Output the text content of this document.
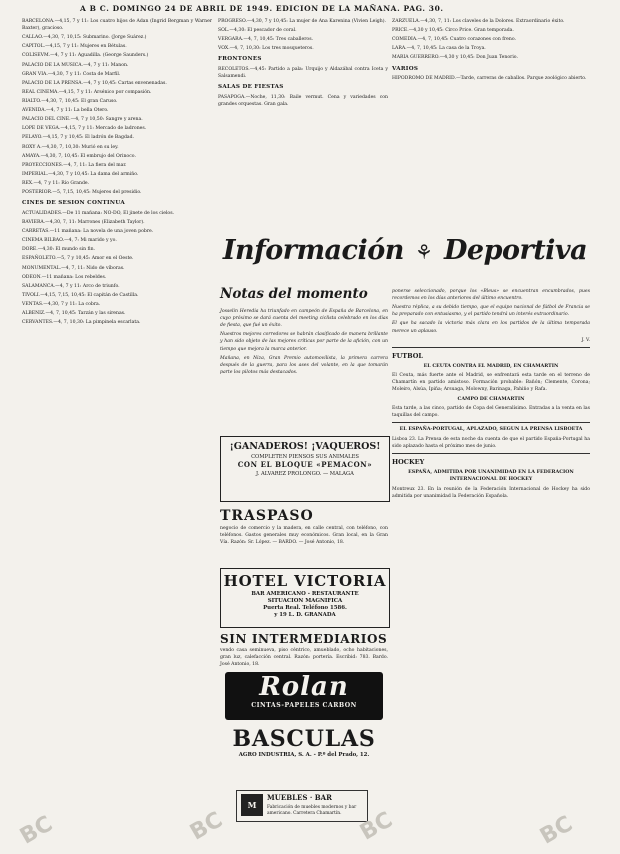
A B C. DOMINGO 24 DE ABRIL DE 1949. EDICION DE LA MAÑANA. PAG. 30.

BARCELONA.—4,15, 7 y 11: Los cuatro hijos de Adan (Ingrid Bergman y Warner Baxter), gracioso.

CALLAO.—4,30, 7, 10,15: Submarino. (Jorge Suárez.)

CAPITOL.—4,15, 7 y 11: Mujeres en Bétulas.

COLISEVM.—4, 7 y 11: Aguadilla. (George Saunders.)

PALACIO DE LA MUSICA.—4, 7 y 11: Manon.

GRAN VIA.—4,30, 7 y 11: Costa de Marfil.

PALACIO DE LA PRENSA.—4, 7 y 10,45: Cartas envenenadas.

REAL CINEMA.—4,15, 7 y 11: Arsénico por compasión.

RIALTO.—4,30, 7, 10,45: El gran Caruso.

AVENIDA.—4, 7 y 11: La bella Otero.

PALACIO DEL CINE.—4, 7 y 10,50: Sangre y arena.

LOPE DE VEGA.—4,15, 7 y 11: Mercado de ladrones.

PELAYO.—4,15, 7 y 10,45: El ladrón de Bagdad.

ROXY A.—4,30, 7, 10,30: Murió en su ley.

AMAYA.—4,30, 7, 10,45: El embrujo del Orinoco.

PROYECCIONES.—4, 7, 11: La fiera del mar.

IMPERIAL.—4,30, 7 y 10,45: La dama del armiño.

REX.—4, 7 y 11: Río Grande.

POSTERIOR.—5, 7,15, 10,45: Mujeres del presidio.

CINES DE SESION CONTINUA

ACTUALIDADES.—De 11 mañana: NO-DO, El jinete de los cielos.

BAVIERA.—4,30, 7, 11: Marrones (Elizabeth Taylor).

CARRETAS.—11 mañana: La novela de una joven pobre.

CINEMA BILBAO.—4, 7: Mi marido y yo.

DORE.—4,30: El mundo sin fin.

ESPAÑOLETO.—5, 7 y 10,45: Amor en el Oeste.

MONUMENTAL.—4, 7, 11: Nido de víboras.

ODEON.—11 mañana: Los rebeldes.

SALAMANCA.—4, 7 y 11: Arco de triunfo.

TIVOLI.—4,15, 7,15, 10,45: El capitán de Castilla.

VENTAS.—4,30, 7 y 11: La cobra.

ALBENIZ.—4, 7, 10,45: Tarzán y las sirenas.

CERVANTES.—4, 7, 10,30: La pimpinela escarlata.

PROGRESO.—4,30, 7 y 10,45: La mujer de Ana Karenina (Vivien Leigh).

SOL.—4,30: El pescador de coral.

VERGARA.—4, 7, 10,45: Tres caballeros.

VOX.—4, 7, 10,30: Los tres mosqueteros.

FRONTONES

RECOLETOS.—4,45: Partido a pala: Urquijo y Aldazábal contra Iceta y Salsamendi.

SALAS DE FIESTAS

PASAPOGA.—Noche, 11,30: Baile vermut. Cena y variedades con grandes orquestas. Gran gala.

ZARZUELA.—4,30, 7, 11: Los claveles de la Dolores. Extraordinario éxito.

PRICE.—4,30 y 10,45: Circo Price. Gran temporada.

COMEDIA.—4, 7, 10,45: Cuatro corazones con freno.

LARA.—4, 7, 10,45: La casa de la Troya.

MARIA GUERRERO.—4,30 y 10,45: Don Juan Tenorio.

VARIOS

HIPODROMO DE MADRID.—Tarde, carreras de caballos. Parque zoológico abierto.

Información ⚘ Deportiva
Notas del momento

Josselin Heredia ha triunfado en campeón de España de Barcelona, en cuyo próximo se dará cuenta del meeting ciclista celebrado en los días de fiesta, que fué un éxito.

Nuestros mejores corredores se habrán clasificado de manera brillante y han sido objeto de las mejores críticas por parte de la afición, con un tiempo que mejora la marca anterior.

Mañana, en Niza, Gran Premio automovilista, la primera carrera después de la guerra, para los ases del volante, en la que tomarán parte los pilotos más destacados.

¡GANADEROS! ¡VAQUEROS!
COMPLETEN PIENSOS SUS ANIMALES
CON EL BLOQUE «PEMACON»
J. ALVAREZ PROLONGO. — MALAGA
TRASPASO

negocio de comercio y la madera, en calle central, con teléfono, con teléfonos. Gastos generales muy económicos. Gran local, en la Gran Vía. Razón: Sr. López. — BARDO. — José Antonio, 18.

HOTEL VICTORIA
BAR AMERICANO - RESTAURANTE
SITUACION MAGNIFICA
Puerta Real. Teléfono 1586.
y 19 L. D. GRANADA
SIN INTERMEDIARIOS

vendo casa seminueva, piso céntrico, amueblado, ocho habitaciones, gran luz, calefacción central. Razón: portería. Escribid: 783. Bardo. José Antonio, 18.

Rolan
CINTAS-PAPELES CARBON
BASCULAS
AGRO INDUSTRIA, S. A. - P.º del Prado, 12.
M
MUEBLES · BAR
Fabricación de muebles modernos y bar americano. Carretera Chamartín.

ponerse seleccionado, porque los «Bleus» se encuentran encumbrados, pues recordemos en los días anteriores del último encuentro.

Nuestra réplica, a su debido tiempo, que el equipo nacional de fútbol de Francia se ha preparado con entusiasmo, y el partido tendrá un interés extraordinario.

El que ha sacado la victoria más clara en los partidos de la última temporada merece un aplauso.

J. V.

FUTBOL
EL CEUTA CONTRA EL MADRID, EN CHAMARTIN

El Ceuta, más fuerte ante el Madrid, se enfrentará esta tarde en el terreno de Chamartín en partido amistoso. Formación probable: Bañón; Clemente, Corona; Moleiro, Alsúa, Ipiña; Arsuaga, Molowny, Barinaga, Pahiño y Rafa.

CAMPO DE CHAMARTIN

Esta tarde, a las cinco, partido de Copa del Generalísimo. Entradas a la venta en las taquillas del campo.

EL ESPAÑA-PORTUGAL, APLAZADO, SEGUN LA PRENSA LISBOETA

Lisboa 23. La Prensa de esta noche da cuenta de que el partido España-Portugal ha sido aplazado hasta el próximo mes de junio.

HOCKEY
ESPAÑA, ADMITIDA POR UNANIMIDAD EN LA FEDERACION INTERNACIONAL DE HOCKEY

Montreux 23. En la reunión de la Federación Internacional de Hockey ha sido admitida por unanimidad la Federación Española.

BC	BC	BC
BC
